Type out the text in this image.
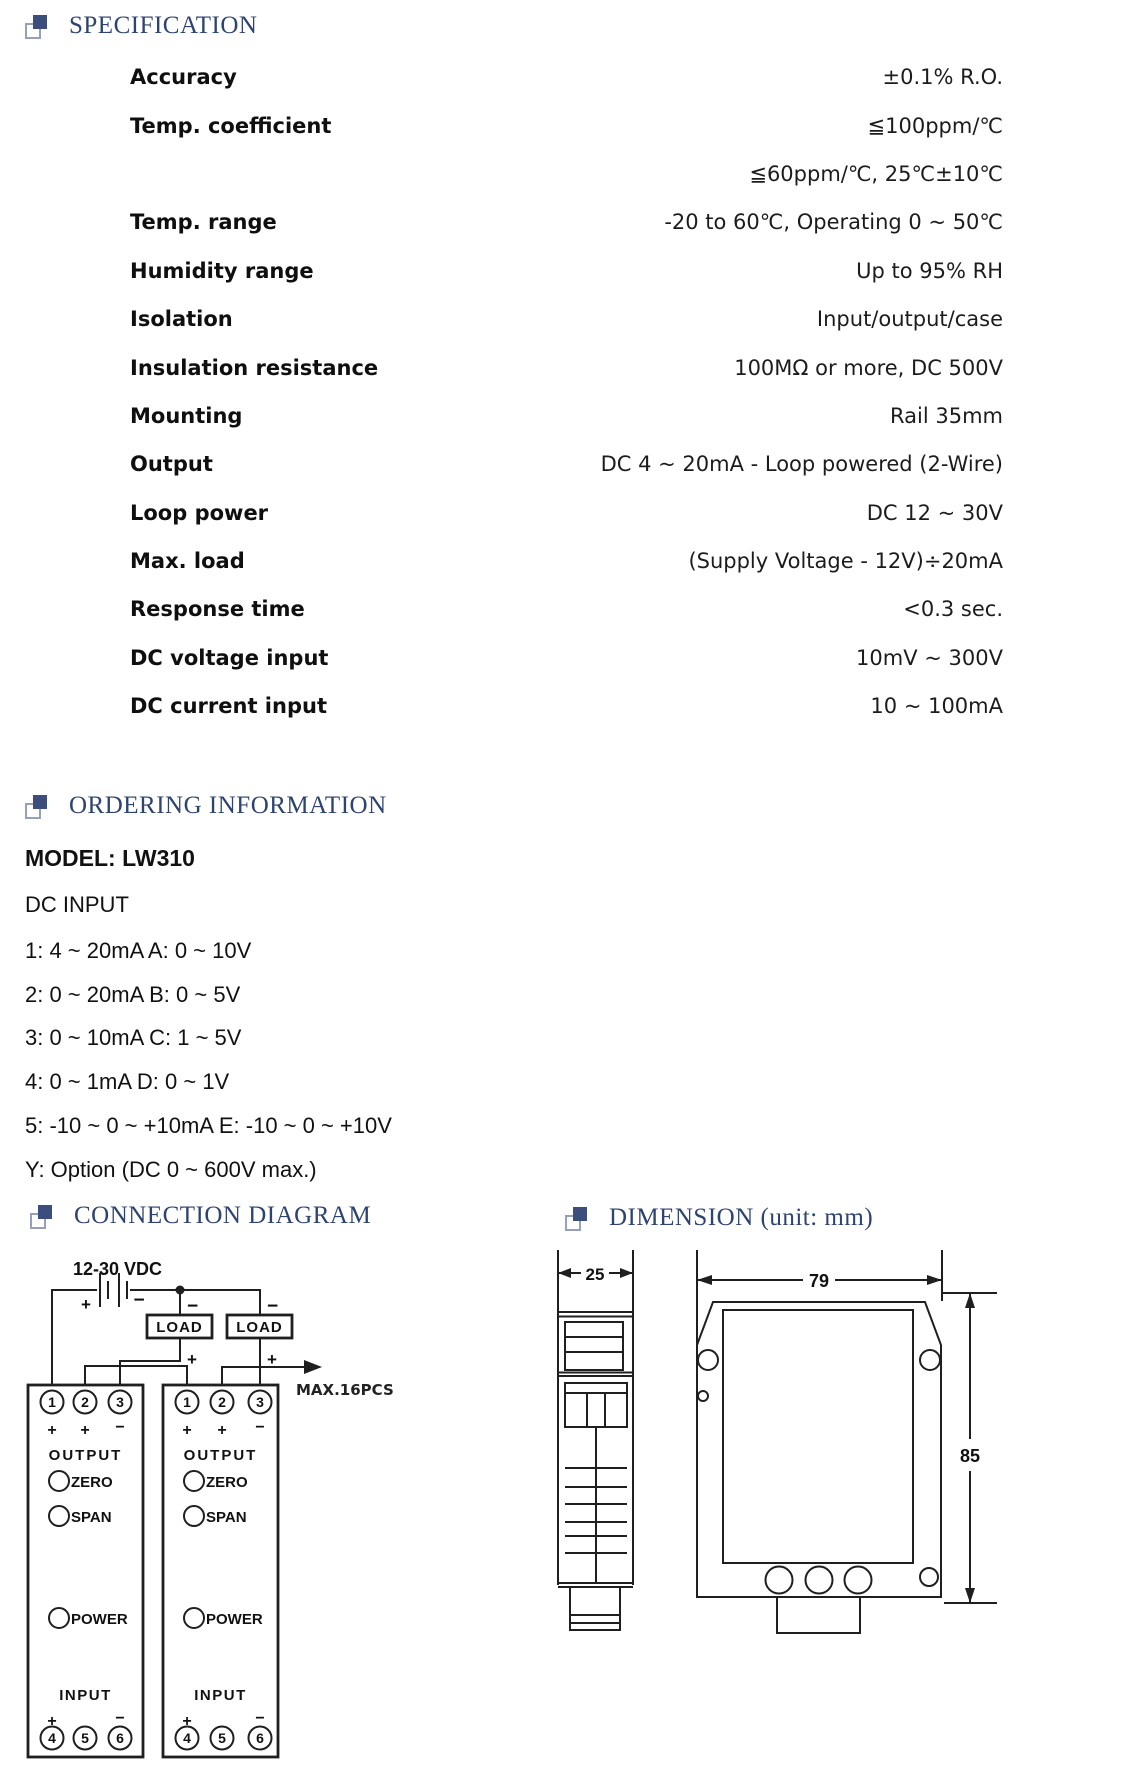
SPECIFICATION
Accuracy	±0.1% R.O.
Temp. coefficient	≦100ppm/℃
≦60ppm/℃, 25℃±10℃
Temp. range	-20 to 60℃, Operating 0 ~ 50℃
Humidity range	Up to 95% RH
Isolation	Input/output/case
Insulation resistance	100MΩ or more, DC 500V
Mounting	Rail 35mm
Output	DC 4 ~ 20mA - Loop powered (2-Wire)
Loop power	DC 12 ~ 30V
Max. load	(Supply Voltage - 12V)÷20mA
Response time	<0.3 sec.
DC voltage input	10mV ~ 300V
DC current input	10 ~ 100mA
ORDERING INFORMATION
MODEL: LW310
DC INPUT
1: 4 ~ 20mA A: 0 ~ 10V
2: 0 ~ 20mA B: 0 ~ 5V
3: 0 ~ 10mA C: 1 ~ 5V
4: 0 ~ 1mA D: 0 ~ 1V
5: -10 ~ 0 ~ +10mA E: -10 ~ 0 ~ +10V
Y: Option (DC 0 ~ 600V max.)
CONNECTION DIAGRAM	DIMENSION (unit: mm)
12-30 VDC
+ −
LOAD
−
+
LOAD
−
+
MAX.16PCS
1 2 3
+ + −
OUTPUT
ZERO
SPAN
POWER
INPUT
+	−
4 5 6
1 2 3
+ + −
OUTPUT
ZERO
SPAN
POWER
INPUT
+	−
4 5 6
25	79
85
